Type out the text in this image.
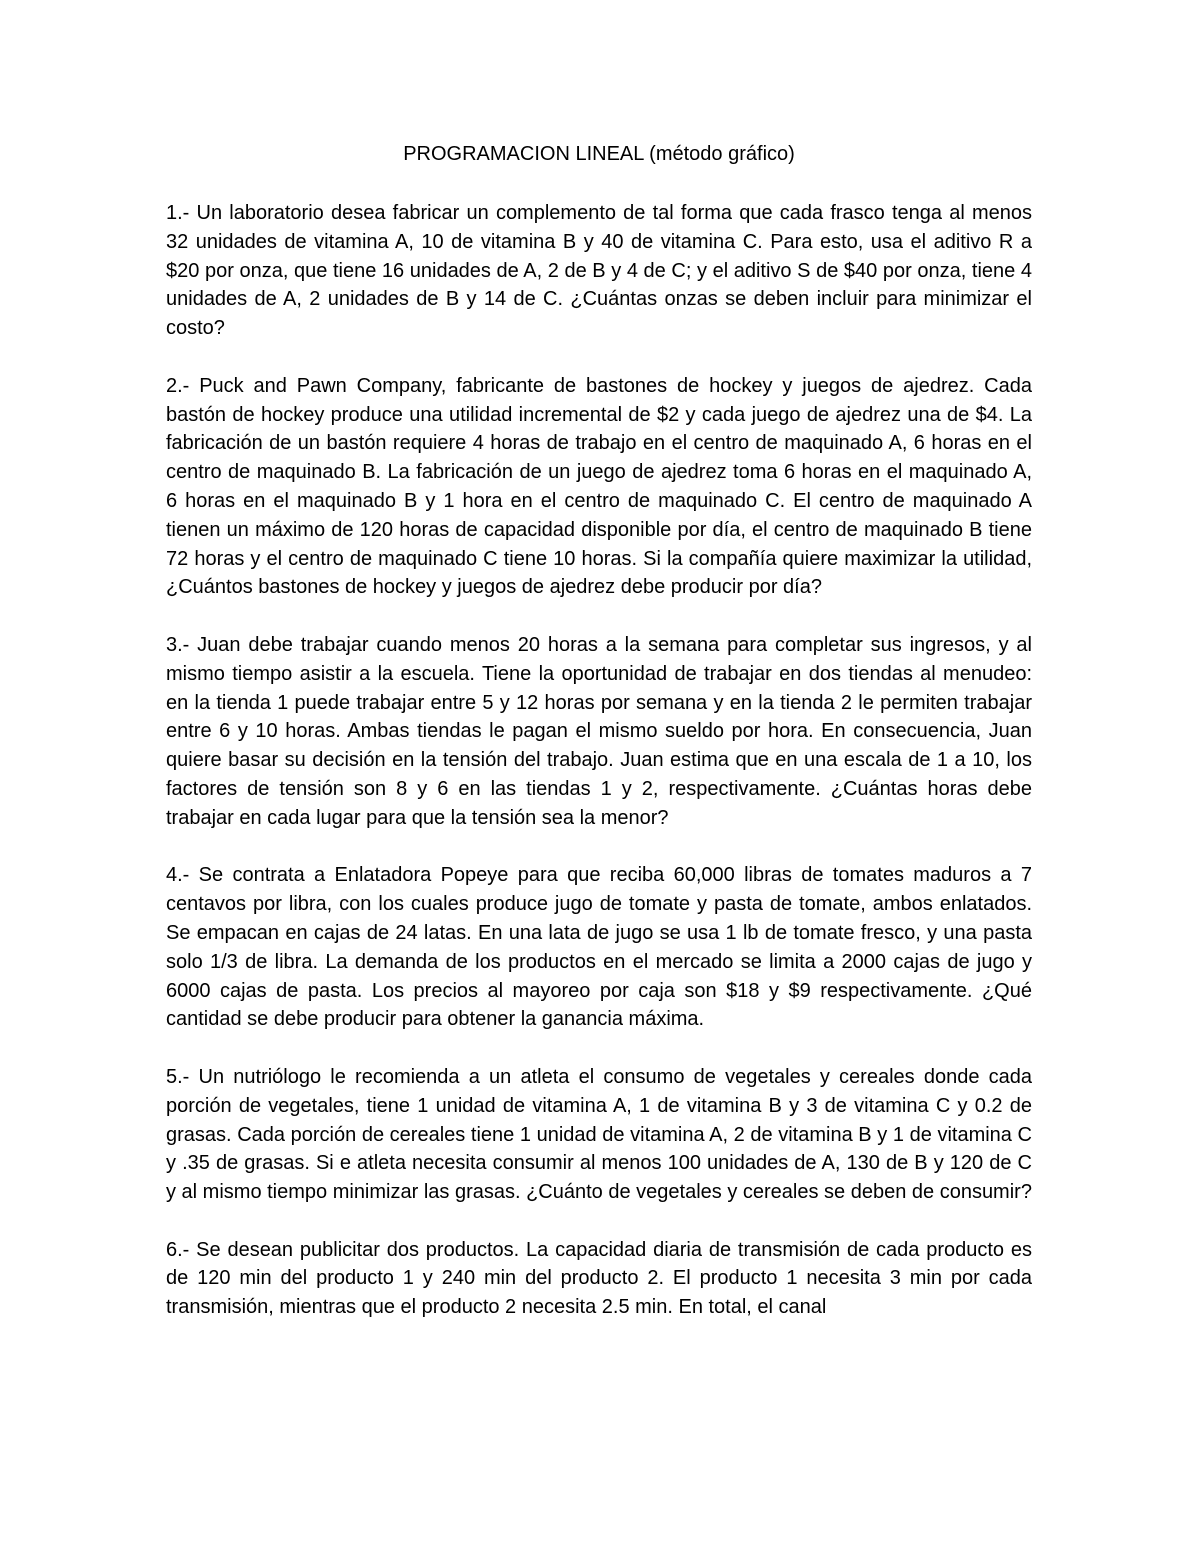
PROGRAMACION LINEAL (método gráfico)

1.- Un laboratorio desea fabricar un complemento de tal forma que cada frasco tenga al menos 32 unidades de vitamina A, 10 de vitamina B y 40 de vitamina C. Para esto, usa el aditivo R a $20 por onza, que tiene 16 unidades de A, 2 de B y 4 de C; y el aditivo S de $40 por onza, tiene 4 unidades de A, 2 unidades de B y 14 de C. ¿Cuántas onzas se deben incluir para minimizar el costo?

2.- Puck and Pawn Company, fabricante de bastones de hockey y juegos de ajedrez. Cada bastón de hockey produce una utilidad incremental de $2 y cada juego de ajedrez una de $4. La fabricación de un bastón requiere 4 horas de trabajo en el centro de maquinado A, 6 horas en el centro de maquinado B. La fabricación de un juego de ajedrez toma 6 horas en el maquinado A, 6 horas en el maquinado B y 1 hora en el centro de maquinado C. El centro de maquinado A tienen un máximo de 120 horas de capacidad disponible por día, el centro de maquinado B tiene 72 horas y el centro de maquinado C tiene 10 horas. Si la compañía quiere maximizar la utilidad, ¿Cuántos bastones de hockey y juegos de ajedrez debe producir por día?

3.- Juan debe trabajar cuando menos 20 horas a la semana para completar sus ingresos, y al mismo tiempo asistir a la escuela. Tiene la oportunidad de trabajar en dos tiendas al menudeo: en la tienda 1 puede trabajar entre 5 y 12 horas por semana y en la tienda 2 le permiten trabajar entre 6 y 10 horas. Ambas tiendas le pagan el mismo sueldo por hora. En consecuencia, Juan quiere basar su decisión en la tensión del trabajo. Juan estima que en una escala de 1 a 10, los factores de tensión son 8 y 6 en las tiendas 1 y 2, respectivamente. ¿Cuántas horas debe trabajar en cada lugar para que la tensión sea la menor?

4.- Se contrata a Enlatadora Popeye para que reciba 60,000 libras de tomates maduros a 7 centavos por libra, con los cuales produce jugo de tomate y pasta de tomate, ambos enlatados. Se empacan en cajas de 24 latas. En una lata de jugo se usa 1 lb de tomate fresco, y una pasta solo 1/3 de libra. La demanda de los productos en el mercado se limita a 2000 cajas de jugo y 6000 cajas de pasta. Los precios al mayoreo por caja son $18 y $9 respectivamente. ¿Qué cantidad se debe producir para obtener la ganancia máxima.

5.- Un nutriólogo le recomienda a un atleta el consumo de vegetales y cereales donde cada porción de vegetales, tiene 1 unidad de vitamina A, 1 de vitamina B y 3 de vitamina C y 0.2 de grasas. Cada porción de cereales tiene 1 unidad de vitamina A, 2 de vitamina B y 1 de vitamina C y .35 de grasas. Si e atleta necesita consumir al menos 100 unidades de A, 130 de B y 120 de C y al mismo tiempo minimizar las grasas. ¿Cuánto de vegetales y cereales se deben de consumir?

6.- Se desean publicitar dos productos. La capacidad diaria de transmisión de cada producto es de 120 min del producto 1 y 240 min del producto 2. El producto 1 necesita 3 min por cada transmisión, mientras que el producto 2 necesita 2.5 min. En total, el canal
